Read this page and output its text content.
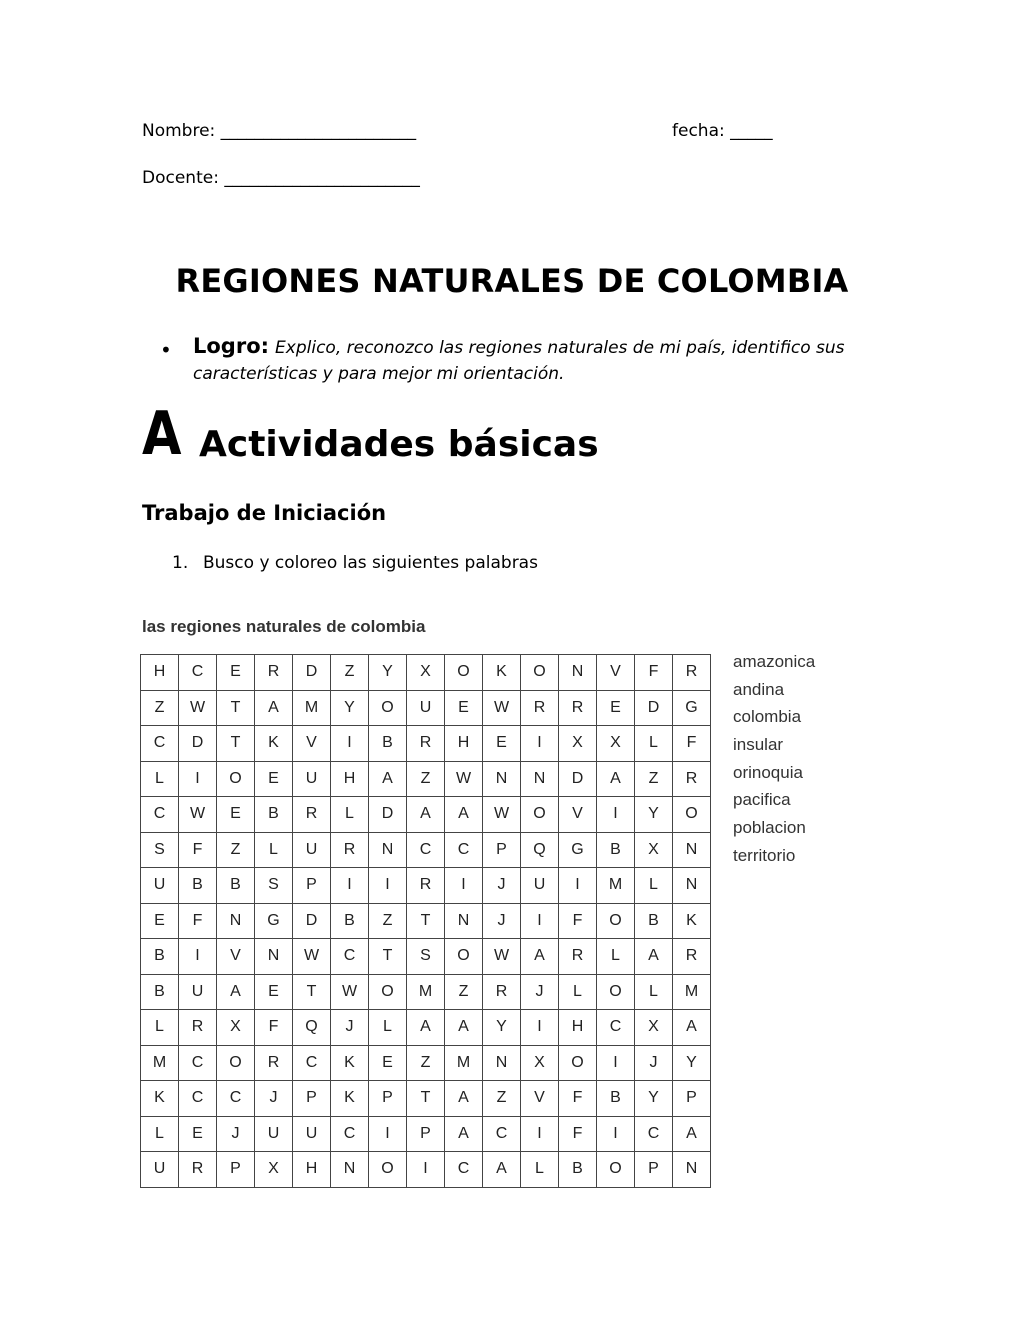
Nombre: _______________________	fecha: _____
Docente: _______________________
REGIONES NATURALES DE COLOMBIA
• Logro: Explico, reconozco las regiones naturales de mi país, identifico sus
características y para mejor mi orientación.
A Actividades básicas
Trabajo de Iniciación
1. Busco y coloreo las siguientes palabras
las regiones naturales de colombia
H	C	E	R	D	Z	Y	X	O	K	O	N	V	F	R
Z	W	T	A	M	Y	O	U	E	W	R	R	E	D	G
C	D	T	K	V	I	B	R	H	E	I	X	X	L	F
L	I	O	E	U	H	A	Z	W	N	N	D	A	Z	R
C	W	E	B	R	L	D	A	A	W	O	V	I	Y	O
S	F	Z	L	U	R	N	C	C	P	Q	G	B	X	N
U	B	B	S	P	I	I	R	I	J	U	I	M	L	N
E	F	N	G	D	B	Z	T	N	J	I	F	O	B	K
B	I	V	N	W	C	T	S	O	W	A	R	L	A	R
B	U	A	E	T	W	O	M	Z	R	J	L	O	L	M
L	R	X	F	Q	J	L	A	A	Y	I	H	C	X	A
M	C	O	R	C	K	E	Z	M	N	X	O	I	J	Y
K	C	C	J	P	K	P	T	A	Z	V	F	B	Y	P
L	E	J	U	U	C	I	P	A	C	I	F	I	C	A
U	R	P	X	H	N	O	I	C	A	L	B	O	P	N
amazonica
andina
colombia
insular
orinoquia
pacifica
poblacion
territorio
